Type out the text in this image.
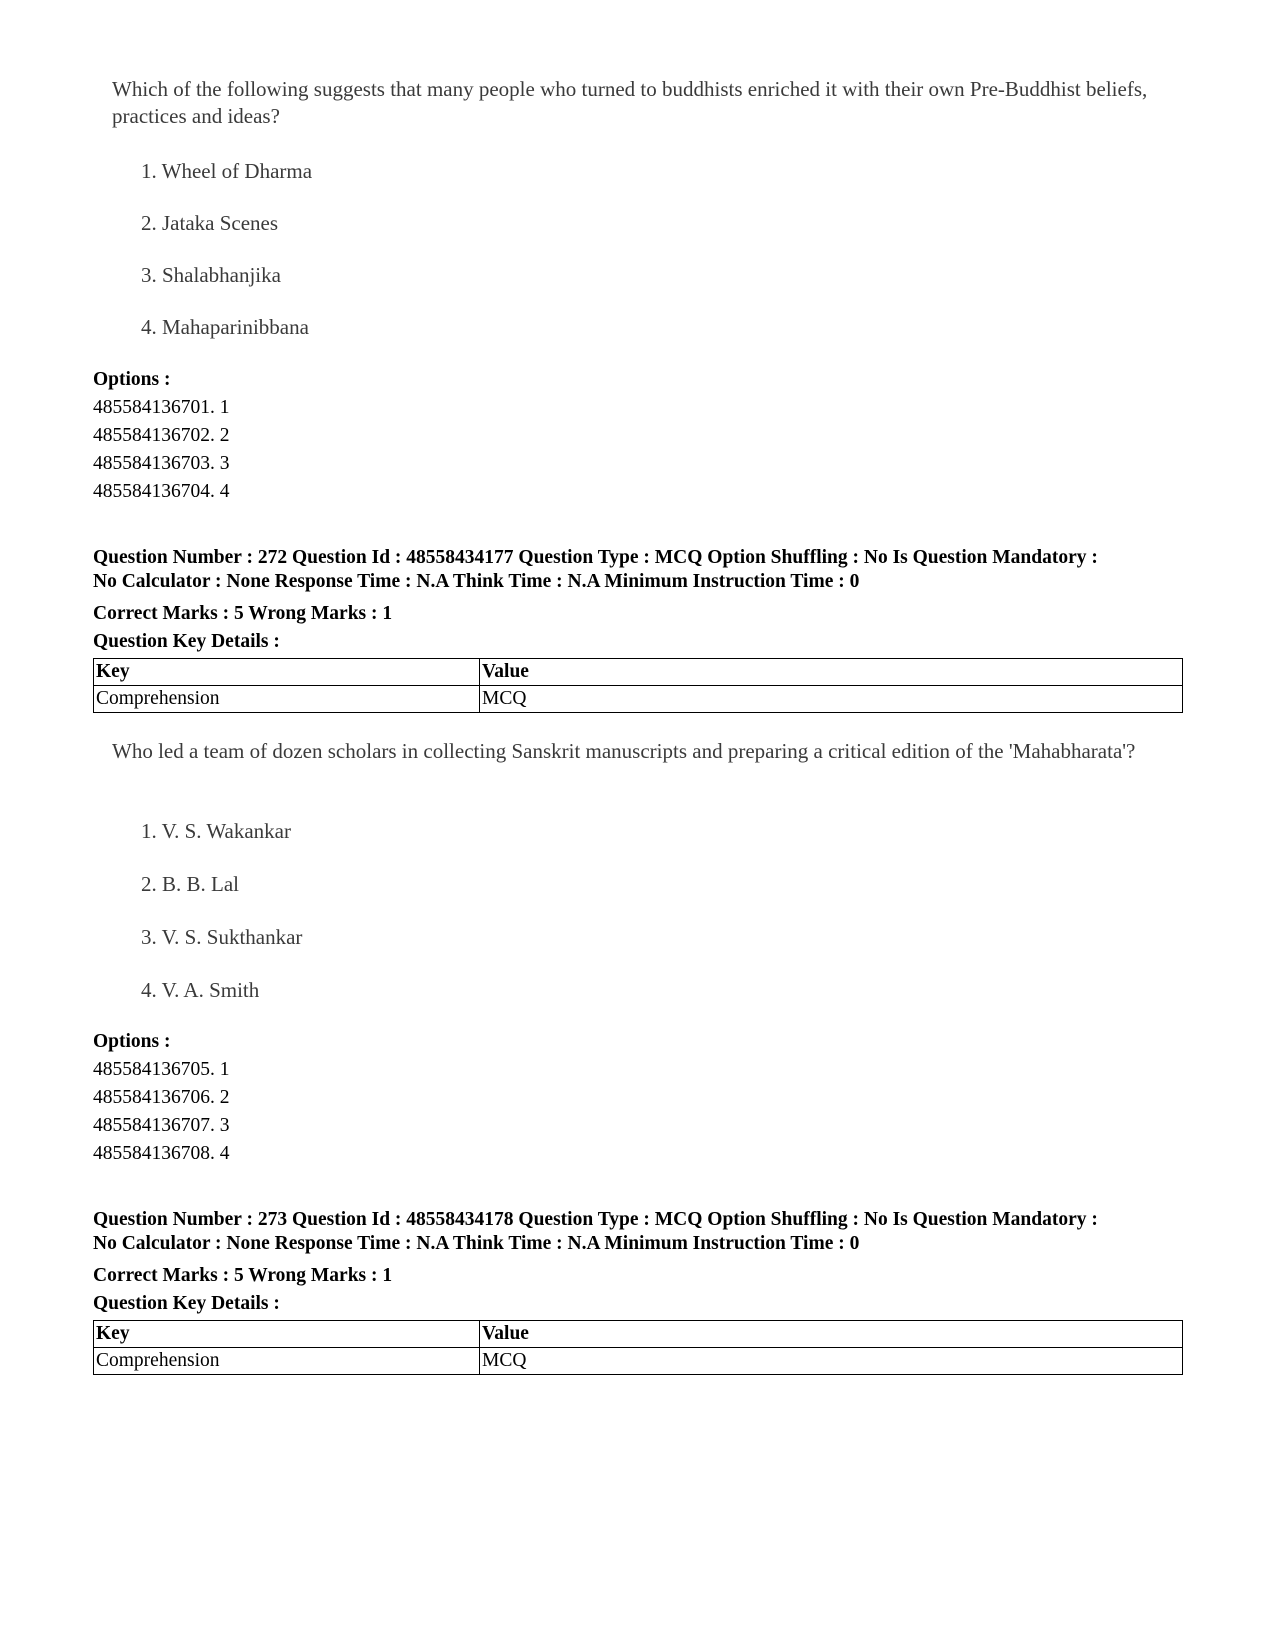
Which of the following suggests that many people who turned to buddhists enriched it with their own Pre-Buddhist beliefs, practices and ideas?
1. Wheel of Dharma
2. Jataka Scenes
3. Shalabhanjika
4. Mahaparinibbana
Options :
485584136701. 1
485584136702. 2
485584136703. 3
485584136704. 4
Question Number : 272 Question Id : 48558434177 Question Type : MCQ Option Shuffling : No Is Question Mandatory :
No Calculator : None Response Time : N.A Think Time : N.A Minimum Instruction Time : 0
Correct Marks : 5 Wrong Marks : 1
Question Key Details :
Key	Value
Comprehension	MCQ
Who led a team of dozen scholars in collecting Sanskrit manuscripts and preparing a critical edition of the 'Mahabharata'?
1. V. S. Wakankar
2. B. B. Lal
3. V. S. Sukthankar
4. V. A. Smith
Options :
485584136705. 1
485584136706. 2
485584136707. 3
485584136708. 4
Question Number : 273 Question Id : 48558434178 Question Type : MCQ Option Shuffling : No Is Question Mandatory :
No Calculator : None Response Time : N.A Think Time : N.A Minimum Instruction Time : 0
Correct Marks : 5 Wrong Marks : 1
Question Key Details :
Key	Value
Comprehension	MCQ
